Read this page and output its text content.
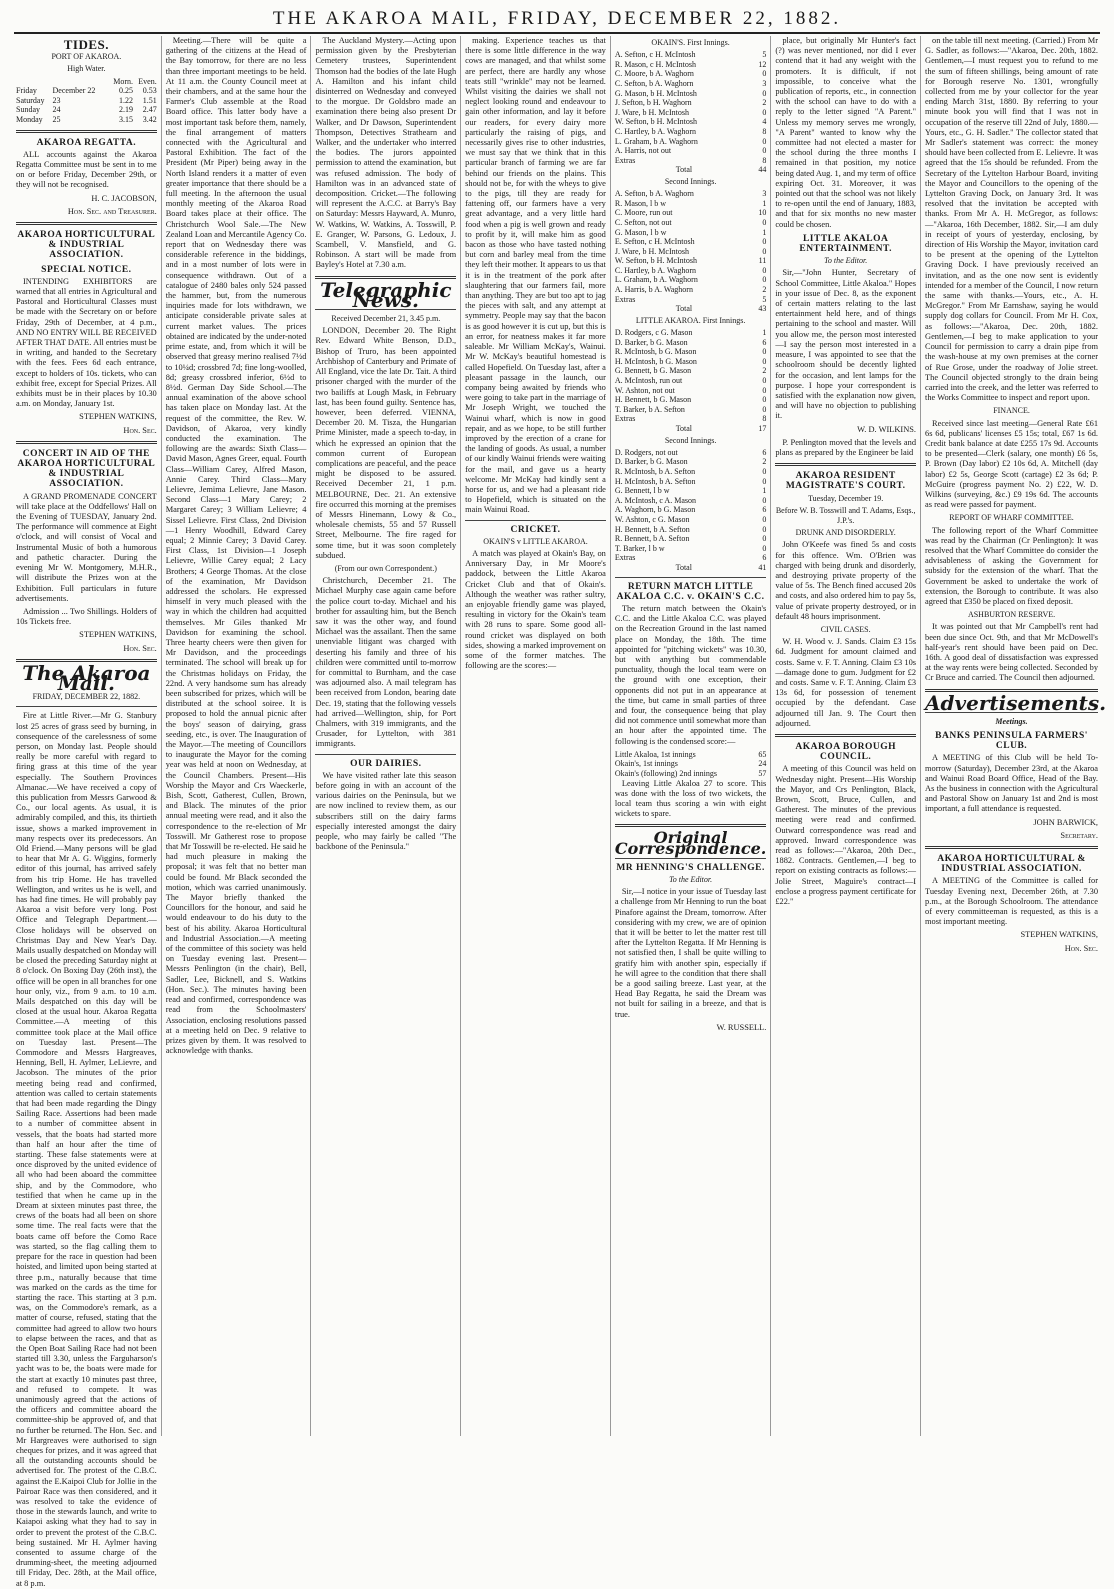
THE AKAROA MAIL, FRIDAY, DECEMBER 22, 1882.
TIDES.
PORT OF AKAROA.
High Water.
		Morn.	Even.
Friday	December 22	0.25	0.53
Saturday	23	1.22	1.51
Sunday	24	2.19	2.47
Monday	25	3.15	3.42
AKAROA REGATTA.

ALL accounts against the Akaroa Regatta Committee must be sent in to me on or before Friday, December 29th, or they will not be recognised.

H. C. JACOBSON,
Hon. Sec. and Treasurer.
AKAROA HORTICULTURAL & INDUSTRIAL ASSOCIATION.
SPECIAL NOTICE.

INTENDING EXHIBITORS are warned that all entries in Agricultural and Pastoral and Horticultural Classes must be made with the Secretary on or before Friday, 29th of December, at 4 p.m., AND NO ENTRY WILL BE RECEIVED AFTER THAT DATE. All entries must be in writing, and handed to the Secretary with the fees. Fees 6d each entrance, except to holders of 10s. tickets, who can exhibit free, except for Special Prizes. All exhibits must be in their places by 10.30 a.m. on Monday, January 1st.

STEPHEN WATKINS,
Hon. Sec.
CONCERT IN AID OF THE AKAROA HORTICULTURAL & INDUSTRIAL ASSOCIATION.

A GRAND PROMENADE CONCERT will take place at the Oddfellows' Hall on the Evening of TUESDAY, January 2nd. The performance will commence at Eight o'clock, and will consist of Vocal and Instrumental Music of both a humorous and pathetic character. During the evening Mr W. Montgomery, M.H.R., will distribute the Prizes won at the Exhibition. Full particulars in future advertisements.

Admission ... Two Shillings. Holders of 10s Tickets free.

STEPHEN WATKINS,
Hon. Sec.
The Akaroa Mail.
FRIDAY, DECEMBER 22, 1882.

Fire at Little River.—Mr G. Stanbury lost 25 acres of grass seed by burning, in consequence of the carelessness of some person, on Monday last. People should really be more careful with regard to firing grass at this time of the year especially. The Southern Provinces Almanac.—We have received a copy of this publication from Messrs Garwood & Co., our local agents. As usual, it is admirably compiled, and this, its thirtieth issue, shows a marked improvement in many respects over its predecessors. An Old Friend.—Many persons will be glad to hear that Mr A. G. Wiggins, formerly editor of this journal, has arrived safely from his trip Home. He has travelled Wellington, and writes us he is well, and has had fine times. He will probably pay Akaroa a visit before very long. Post Office and Telegraph Department.—Close holidays will be observed on Christmas Day and New Year's Day. Mails usually despatched on Monday will be closed the preceding Saturday night at 8 o'clock. On Boxing Day (26th inst), the office will be open in all branches for one hour only, viz., from 9 a.m. to 10 a.m. Mails despatched on this day will be closed at the usual hour. Akaroa Regatta Committee.—A meeting of this committee took place at the Mail office on Tuesday last. Present—The Commodore and Messrs Hargreaves, Henning, Bell, H. Aylmer, LeLievre, and Jacobson. The minutes of the prior meeting being read and confirmed, attention was called to certain statements that had been made regarding the Dingy Sailing Race. Assertions had been made to a number of committee absent in vessels, that the boats had started more than half an hour after the time of starting. These false statements were at once disproved by the united evidence of all who had been aboard the committee ship, and by the Commodore, who testified that when he came up in the Dream at sixteen minutes past three, the crews of the boats had all been on shore some time. The real facts were that the boats came off before the Como Race was started, so the flag calling them to prepare for the race in question had been hoisted, and limited upon being started at three p.m., naturally because that time was marked on the cards as the time for starting the race. This starting at 3 p.m. was, on the Commodore's remark, as a matter of course, refused, stating that the committee had agreed to allow two hours to elapse between the races, and that as the Open Boat Sailing Race had not been started till 3.30, unless the Farguharson's yacht was to be, the boats were made for the start at exactly 10 minutes past three, and refused to compete. It was unanimously agreed that the actions of the officers and committee aboard the committee-ship be approved of, and that no further be returned. The Hon. Sec. and Mr Hargreaves were authorised to sign cheques for prizes, and it was agreed that all the outstanding accounts should be advertised for. The protest of the C.B.C. against the E.Kaipoi Club for Jollie in the Pairoar Race was then considered, and it was resolved to take the evidence of those in the stewards launch, and write to Kaiapoi asking what they had to say in order to prevent the protest of the C.B.C. being sustained. Mr H. Aylmer having consented to assume charge of the drumming-sheet, the meeting adjourned till Friday, Dec. 28th, at the Mail office, at 8 p.m.

Meeting.—There will be quite a gathering of the citizens at the Head of the Bay tomorrow, for there are no less than three important meetings to be held. At 11 a.m. the County Council meet at their chambers, and at the same hour the Farmer's Club assemble at the Road Board office. This latter body have a most important task before them, namely, the final arrangement of matters connected with the Agricultural and Pastoral Exhibition. The fact of the President (Mr Piper) being away in the North Island renders it a matter of even greater importance that there should be a full meeting. In the afternoon the usual monthly meeting of the Akaroa Road Board takes place at their office. The Christchurch Wool Sale.—The New Zealand Loan and Mercantile Agency Co. report that on Wednesday there was considerable reference in the biddings, and in a most number of lots were in consequence withdrawn. Out of a catalogue of 2480 bales only 524 passed the hammer, but, from the numerous inquiries made for lots withdrawn, we anticipate considerable private sales at current market values. The prices obtained are indicated by the under-noted prime estate, and, from which it will be observed that greasy merino realised 7½d to 10¼d; crossbred 7d; fine long-woolled, 8d; greasy crossbred inferior, 6½d to 8½d. German Day Side School.—The annual examination of the above school has taken place on Monday last. At the request of the committee, the Rev. W. Davidson, of Akaroa, very kindly conducted the examination. The following are the awards: Sixth Class—David Mason, Agnes Greer, equal. Fourth Class—William Carey, Alfred Mason, Annie Carey. Third Class—Mary Lelievre, Jemima Lelievre, Jane Mason. Second Class—1 Mary Carey; 2 Margaret Carey; 3 William Lelievre; 4 Sissel Lelievre. First Class, 2nd Division—1 Henry Woodhill, Edward Carey equal; 2 Minnie Carey; 3 David Carey. First Class, 1st Division—1 Joseph Lelievre, Willie Carey equal; 2 Lacy Brothers; 4 George Thomas. At the close of the examination, Mr Davidson addressed the scholars. He expressed himself in very much pleased with the way in which the children had acquitted themselves. Mr Giles thanked Mr Davidson for examining the school. Three hearty cheers were then given for Mr Davidson, and the proceedings terminated. The school will break up for the Christmas holidays on Friday, the 22nd. A very handsome sum has already been subscribed for prizes, which will be distributed at the school soiree. It is proposed to hold the annual picnic after the boys' season of dairying, grass seeding, etc., is over. The Inauguration of the Mayor.—The meeting of Councillors to inaugurate the Mayor for the coming year was held at noon on Wednesday, at the Council Chambers. Present—His Worship the Mayor and Crs Waeckerle, Bish, Scott, Gatherest, Cullen, Brown, and Black. The minutes of the prior annual meeting were read, and it also the correspondence to the re-election of Mr Tosswill. Mr Gatherest rose to propose that Mr Tosswill be re-elected. He said he had much pleasure in making the proposal; it was felt that no better man could be found. Mr Black seconded the motion, which was carried unanimously. The Mayor briefly thanked the Councillors for the honour, and said he would endeavour to do his duty to the best of his ability. Akaroa Horticultural and Industrial Association.—A meeting of the committee of this society was held on Tuesday evening last. Present—Messrs Penlington (in the chair), Bell, Sadler, Lee, Bicknell, and S. Watkins (Hon. Sec.). The minutes having been read and confirmed, correspondence was read from the Schoolmasters' Association, enclosing resolutions passed at a meeting held on Dec. 9 relative to prizes given by them. It was resolved to acknowledge with thanks.

The Auckland Mystery.—Acting upon permission given by the Presbyterian Cemetery trustees, Superintendent Thomson had the bodies of the late Hugh A. Hamilton and his infant child disinterred on Wednesday and conveyed to the morgue. Dr Goldsbro made an examination there being also present Dr Walker, and Dr Dawson, Superintendent Thompson, Detectives Strathearn and Walker, and the undertaker who interred the bodies. The jurors appointed permission to attend the examination, but was refused admission. The body of Hamilton was in an advanced state of decomposition. Cricket.—The following will represent the A.C.C. at Barry's Bay on Saturday: Messrs Hayward, A. Munro, W. Watkins, W. Watkins, A. Tosswill, P. E. Granger, W. Parsons, G. Ledoux, J. Scambell, V. Mansfield, and G. Robinson. A start will be made from Bayley's Hotel at 7.30 a.m.

Telegraphic News.
Received December 21, 3.45 p.m.

LONDON, December 20. The Right Rev. Edward White Benson, D.D., Bishop of Truro, has been appointed Archbishop of Canterbury and Primate of All England, vice the late Dr. Tait. A third prisoner charged with the murder of the two bailiffs at Lough Mask, in February last, has been found guilty. Sentence has, however, been deferred. VIENNA, December 20. M. Tisza, the Hungarian Prime Minister, made a speech to-day, in which he expressed an opinion that the common current of European complications are peaceful, and the peace might be disposed to be assured. Received December 21, 1 p.m. MELBOURNE, Dec. 21. An extensive fire occurred this morning at the premises of Messrs Hinemann, Lowy & Co., wholesale chemists, 55 and 57 Russell Street, Melbourne. The fire raged for some time, but it was soon completely subdued.

(From our own Correspondent.)

Christchurch, December 21. The Michael Murphy case again came before the police court to-day. Michael and his brother for assaulting him, but the Bench saw it was the other way, and found Michael was the assailant. Then the same unenviable litigant was charged with deserting his family and three of his children were committed until to-morrow for committal to Burnham, and the case was adjourned also. A mail telegram has been received from London, bearing date Dec. 19, stating that the following vessels had arrived—Wellington, ship, for Port Chalmers, with 319 immigrants, and the Crusader, for Lyttelton, with 381 immigrants.

OUR DAIRIES.

We have visited rather late this season before going in with an account of the various dairies on the Peninsula, but we are now inclined to review them, as our subscribers still on the dairy farms especially interested amongst the dairy people, who may fairly be called "The backbone of the Peninsula."

making. Experience teaches us that there is some little difference in the way cows are managed, and that whilst some are perfect, there are hardly any whose teats still "wrinkle" may not be learned. Whilst visiting the dairies we shall not neglect looking round and endeavour to gain other information, and lay it before our readers, for every dairy more particularly the raising of pigs, and necessarily gives rise to other industries, we must say that we think that in this particular branch of farming we are far behind our friends on the plains. This should not be, for with the wheys to give to the pigs, till they are ready for fattening off, our farmers have a very great advantage, and a very little hard food when a pig is well grown and ready to profit by it, will make him as good bacon as those who have tasted nothing but corn and barley meal from the time they left their mother. It appears to us that it is in the treatment of the pork after slaughtering that our farmers fail, more than anything. They are but too apt to jag the pieces with salt, and any attempt at symmetry. People may say that the bacon is as good however it is cut up, but this is an error, for neatness makes it far more saleable. Mr William McKay's, Wainui. Mr W. McKay's beautiful homestead is called Hopefield. On Tuesday last, after a pleasant passage in the launch, our company being awaited by friends who were going to take part in the marriage of Mr Joseph Wright, we touched the Wainui wharf, which is now in good repair, and as we hope, to be still further improved by the erection of a crane for the landing of goods. As usual, a number of our kindly Wainui friends were waiting for the mail, and gave us a hearty welcome. Mr McKay had kindly sent a horse for us, and we had a pleasant ride to Hopefield, which is situated on the main Wainui Road.

CRICKET.
OKAIN'S v LITTLE AKAROA.

A match was played at Okain's Bay, on Anniversary Day, in Mr Moore's paddock, between the Little Akaroa Cricket Club and that of Okain's. Although the weather was rather sultry, an enjoyable friendly game was played, resulting in victory for the Okain's team with 28 runs to spare. Some good all-round cricket was displayed on both sides, showing a marked improvement on some of the former matches. The following are the scores:—

OKAIN'S. First Innings.
A. Sefton, c H. McIntosh	5
R. Mason, c H. McIntosh	12
C. Moore, b A. Waghorn	0
C. Sefton, b A. Waghorn	3
G. Mason, b H. McIntosh	0
J. Sefton, b H. Waghorn	2
J. Ware, b H. McIntosh	0
W. Sefton, b H. McIntosh	4
C. Hartley, b A. Waghorn	8
L. Graham, b A. Waghorn	0
A. Harris, not out	0
Extras	8
Total	44
Second Innings.
A. Sefton, b A. Waghorn	3
R. Mason, l b w	1
C. Moore, run out	10
C. Sefton, not out	0
G. Mason, l b w	1
E. Sefton, c H. McIntosh	0
J. Ware, b H. McIntosh	0
W. Sefton, b H. McIntosh	11
C. Hartley, b A. Waghorn	0
L. Graham, b A. Waghorn	0
A. Harris, b A. Waghorn	2
Extras	5
Total	43
LITTLE AKAROA. First Innings.
D. Rodgers, c G. Mason	1
D. Barker, b G. Mason	6
R. McIntosh, b G. Mason	0
H. McIntosh, b G. Mason	0
G. Bennett, b G. Mason	2
A. McIntosh, run out	0
W. Ashton, not out	0
H. Bennett, b G. Mason	0
T. Barker, b A. Sefton	0
Extras	8
Total	17
Second Innings.
D. Rodgers, not out	6
D. Barker, b G. Mason	2
R. McIntosh, b A. Sefton	0
H. McIntosh, b A. Sefton	0
G. Bennett, l b w	1
A. McIntosh, c A. Mason	0
A. Waghorn, b G. Mason	6
W. Ashton, c G. Mason	0
H. Bennett, b A. Sefton	0
R. Bennett, b A. Sefton	0
T. Barker, l b w	0
Extras	6
Total	41
RETURN MATCH LITTLE AKALOA C.C. v. OKAIN'S C.C.

The return match between the Okain's C.C. and the Little Akaloa C.C. was played on the Recreation Ground in the last named place on Monday, the 18th. The time appointed for "pitching wickets" was 10.30, but with anything but commendable punctuality, though the local team were on the ground with one exception, their opponents did not put in an appearance at the time, but came in small parties of three and four, the consequence being that play did not commence until somewhat more than an hour after the appointed time. The following is the condensed score:—

Little Akaloa, 1st innings	65
Okain's, 1st innings	24
Okain's (following) 2nd innings	57

Leaving Little Akaloa 27 to score. This was done with the loss of two wickets, the local team thus scoring a win with eight wickets to spare.

Original Correspondence.
MR HENNING'S CHALLENGE.
To the Editor.

Sir,—I notice in your issue of Tuesday last a challenge from Mr Henning to run the boat Pinafore against the Dream, tomorrow. After considering with my crew, we are of opinion that it will be better to let the matter rest till after the Lyttelton Regatta. If Mr Henning is not satisfied then, I shall be quite willing to gratify him with another spin, especially if he will agree to the condition that there shall be a good sailing breeze. Last year, at the Head Bay Regatta, he said the Dream was not built for sailing in a breeze, and that is true.

W. RUSSELL.

place, but originally Mr Hunter's fact (?) was never mentioned, nor did I ever contend that it had any weight with the promoters. It is difficult, if not impossible, to conceive what the publication of reports, etc., in connection with the school can have to do with a reply to the letter signed "A Parent." Unless my memory serves me wrongly, "A Parent" wanted to know why the committee had not elected a master for the school during the three months I remained in that position, my notice being dated Aug. 1, and my term of office expiring Oct. 31. Moreover, it was pointed out that the school was not likely to re-open until the end of January, 1883, and that for six months no new master could be chosen.

LITTLE AKALOA ENTERTAINMENT.
To the Editor.

Sir,—"John Hunter, Secretary of School Committee, Little Akaloa." Hopes in your issue of Dec. 8, as the exponent of certain matters relating to the last entertainment held here, and of things pertaining to the school and master. Will you allow me, the person most interested—I say the person most interested in a measure, I was appointed to see that the schoolroom should be decently lighted for the occasion, and lent lamps for the purpose. I hope your correspondent is satisfied with the explanation now given, and will have no objection to publishing it.

W. D. WILKINS.

P. Penlington moved that the levels and plans as prepared by the Engineer be laid

AKAROA RESIDENT MAGISTRATE'S COURT.
Tuesday, December 19.
Before W. B. Tosswill and T. Adams, Esqs., J.P.'s.
DRUNK AND DISORDERLY.

John O'Keefe was fined 5s and costs for this offence. Wm. O'Brien was charged with being drunk and disorderly, and destroying private property of the value of 5s. The Bench fined accused 20s and costs, and also ordered him to pay 5s, value of private property destroyed, or in default 48 hours imprisonment.

CIVIL CASES.

W. H. Wood v. J. Sands. Claim £3 15s 6d. Judgment for amount claimed and costs. Same v. F. T. Anning. Claim £3 10s —damage done to gum. Judgment for £2 and costs. Same v. F. T. Anning. Claim £3 13s 6d, for possession of tenement occupied by the defendant. Case adjourned till Jan. 9. The Court then adjourned.

AKAROA BOROUGH COUNCIL.

A meeting of this Council was held on Wednesday night. Present—His Worship the Mayor, and Crs Penlington, Black, Brown, Scott, Bruce, Cullen, and Gatherest. The minutes of the previous meeting were read and confirmed. Outward correspondence was read and approved. Inward correspondence was read as follows:—"Akaroa, 20th Dec., 1882. Contracts. Gentlemen,—I beg to report on existing contracts as follows:—Jolie Street, Maguire's contract—I enclose a progress payment certificate for £22."

on the table till next meeting. (Carried.) From Mr G. Sadler, as follows:—"Akaroa, Dec. 20th, 1882. Gentlemen,—I must request you to refund to me the sum of fifteen shillings, being amount of rate for Borough reserve No. 1301, wrongfully collected from me by your collector for the year ending March 31st, 1880. By referring to your minute book you will find that I was not in occupation of the reserve till 22nd of July, 1880.—Yours, etc., G. H. Sadler." The collector stated that Mr Sadler's statement was correct: the money should have been collected from E. Lelievre. It was agreed that the 15s should be refunded. From the Secretary of the Lyttelton Harbour Board, inviting the Mayor and Councillors to the opening of the Lyttelton Graving Dock, on January 3rd. It was resolved that the invitation be accepted with thanks. From Mr A. H. McGregor, as follows:—"Akaroa, 16th December, 1882. Sir,—I am duly in receipt of yours of yesterday, enclosing, by direction of His Worship the Mayor, invitation card to be present at the opening of the Lyttelton Graving Dock. I have previously received an invitation, and as the one now sent is evidently intended for a member of the Council, I now return the same with thanks.—Yours, etc., A. H. McGregor." From Mr Earnshaw, saying he would supply dog collars for Council. From Mr H. Cox, as follows:—"Akaroa, Dec. 20th, 1882. Gentlemen,—I beg to make application to your Council for permission to carry a drain pipe from the wash-house at my own premises at the corner of Rue Grose, under the roadway of Jolie street. The Council objected strongly to the drain being carried into the creek, and the letter was referred to the Works Committee to inspect and report upon.

FINANCE.

Received since last meeting—General Rate £61 6s 6d, publicans' licenses £5 15s; total, £67 1s 6d. Credit bank balance at date £255 17s 9d. Accounts to be presented—Clerk (salary, one month) £6 5s, P. Brown (Day labor) £2 10s 6d, A. Mitchell (day labor) £2 5s, George Scott (cartage) £2 3s 6d; P. McGuire (progress payment No. 2) £22, W. D. Wilkins (surveying, &c.) £9 19s 6d. The accounts as read were passed for payment.

REPORT OF WHARF COMMITTEE.

The following report of the Wharf Committee was read by the Chairman (Cr Penlington): It was resolved that the Wharf Committee do consider the advisableness of asking the Government for subsidy for the extension of the wharf. That the Government be asked to undertake the work of extension, the Borough to contribute. It was also agreed that £350 be placed on fixed deposit.

ASHBURTON RESERVE.

It was pointed out that Mr Campbell's rent had been due since Oct. 9th, and that Mr McDowell's half-year's rent should have been paid on Dec. 16th. A good deal of dissatisfaction was expressed at the way rents were being collected. Seconded by Cr Bruce and carried. The Council then adjourned.

Advertisements.
Meetings.
BANKS PENINSULA FARMERS' CLUB.

A MEETING of this Club will be held To-morrow (Saturday), December 23rd, at the Akaroa and Wainui Road Board Office, Head of the Bay. As the business in connection with the Agricultural and Pastoral Show on January 1st and 2nd is most important, a full attendance is requested.

JOHN BARWICK,
Secretary.
AKAROA HORTICULTURAL & INDUSTRIAL ASSOCIATION.

A MEETING of the Committee is called for Tuesday Evening next, December 26th, at 7.30 p.m., at the Borough Schoolroom. The attendance of every committeeman is requested, as this is a most important meeting.

STEPHEN WATKINS,
Hon. Sec.
